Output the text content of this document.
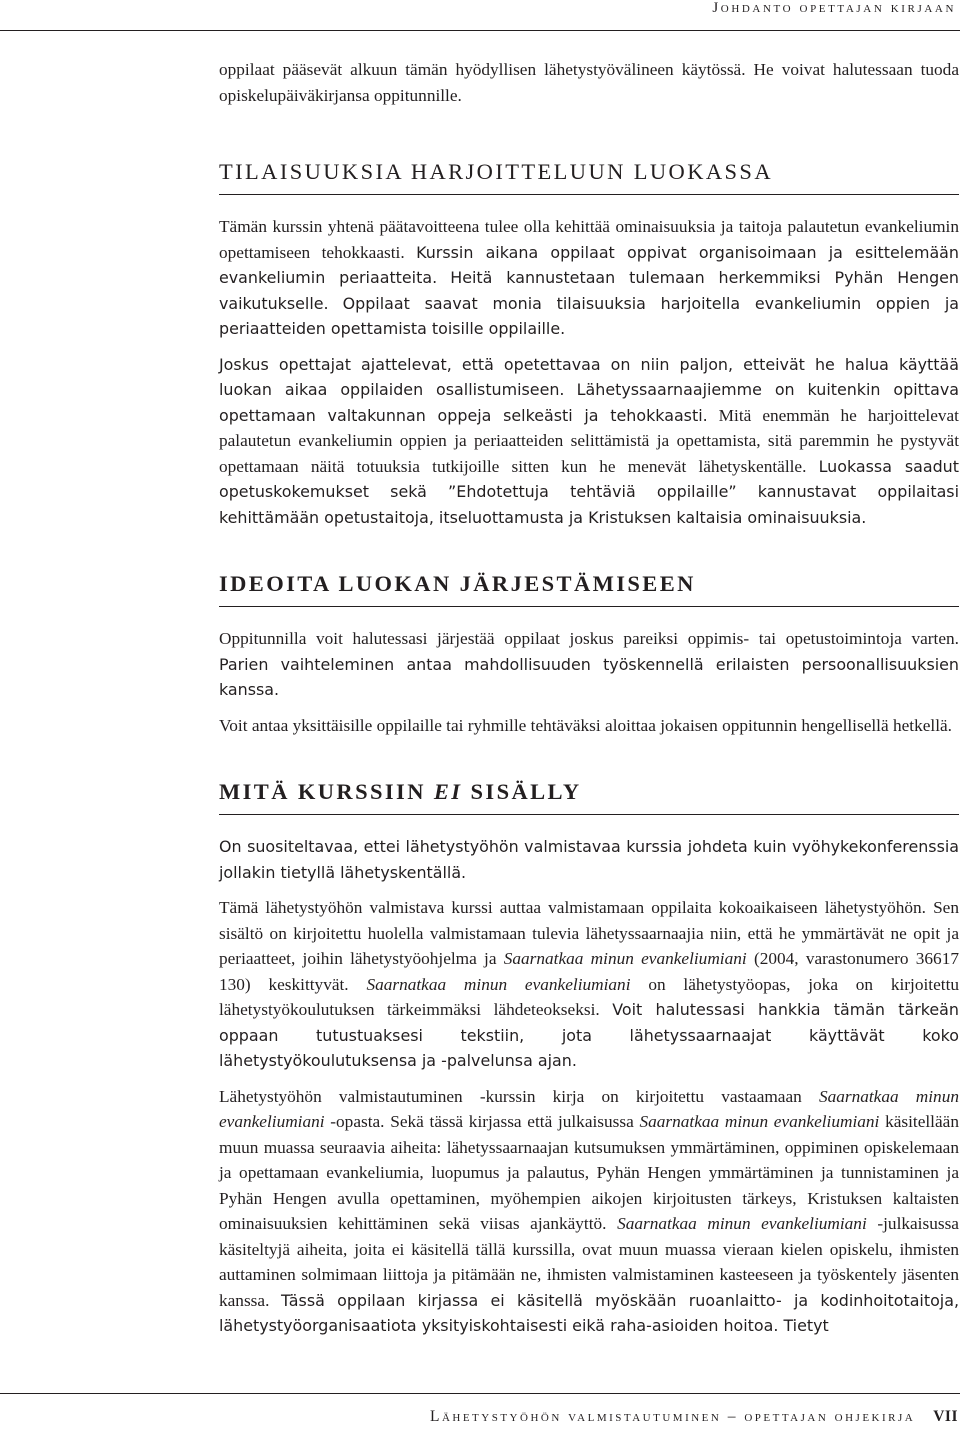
Johdanto opettajan kirjaan

oppilaat pääsevät alkuun tämän hyödyllisen lähetystyövälineen käytössä. He voivat halutessaan tuoda opiskelupäiväkirjansa oppitunnille.

TILAISUUKSIA HARJOITTELUUN LUOKASSA

Tämän kurssin yhtenä päätavoitteena tulee olla kehittää ominaisuuksia ja taitoja palautetun evankeliumin opettamiseen tehokkaasti. Kurssin aikana oppilaat oppivat organisoimaan ja esittelemään evankeliumin periaatteita. Heitä kannustetaan tulemaan herkemmiksi Pyhän Hengen vaikutukselle. Oppilaat saavat monia tilaisuuksia harjoitella evankeliumin oppien ja periaatteiden opettamista toisille oppilaille.

Joskus opettajat ajattelevat, että opetettavaa on niin paljon, etteivät he halua käyttää luokan aikaa oppilaiden osallistumiseen. Lähetyssaarnaajiemme on kuitenkin opittava opettamaan valtakunnan oppeja selkeästi ja tehokkaasti. Mitä enemmän he harjoittelevat palautetun evankeliumin oppien ja periaatteiden selittämistä ja opettamista, sitä paremmin he pystyvät opettamaan näitä totuuksia tutkijoille sitten kun he menevät lähetyskentälle. Luokassa saadut opetuskokemukset sekä ”Ehdotettuja tehtäviä oppilaille” kannustavat oppilaitasi kehittämään opetustaitoja, itseluottamusta ja Kristuksen kaltaisia ominaisuuksia.

IDEOITA LUOKAN JÄRJESTÄMISEEN

Oppitunnilla voit halutessasi järjestää oppilaat joskus pareiksi oppimis- tai opetustoimintoja varten. Parien vaihteleminen antaa mahdollisuuden työskennellä erilaisten persoonallisuuksien kanssa.

Voit antaa yksittäisille oppilaille tai ryhmille tehtäväksi aloittaa jokaisen oppitunnin hengellisellä hetkellä.

MITÄ KURSSIIN EI SISÄLLY

On suositeltavaa, ettei lähetystyöhön valmistavaa kurssia johdeta kuin vyöhykekonferenssia jollakin tietyllä lähetyskentällä.

Tämä lähetystyöhön valmistava kurssi auttaa valmistamaan oppilaita kokoaikaiseen lähetystyöhön. Sen sisältö on kirjoitettu huolella valmistamaan tulevia lähetyssaarnaajia niin, että he ymmärtävät ne opit ja periaatteet, joihin lähetystyöohjelma ja Saarnatkaa minun evankeliumiani (2004, varastonumero 36617 130) keskittyvät. Saarnatkaa minun evankeliumiani on lähetystyöopas, joka on kirjoitettu lähetystyökoulutuksen tärkeimmäksi lähdeteokseksi. Voit halutessasi hankkia tämän tärkeän oppaan tutustuaksesi tekstiin, jota lähetyssaarnaajat käyttävät koko lähetystyökoulutuksensa ja -palvelunsa ajan.

Lähetystyöhön valmistautuminen -kurssin kirja on kirjoitettu vastaamaan Saarnatkaa minun evankeliumiani -opasta. Sekä tässä kirjassa että julkaisussa Saarnatkaa minun evankeliumiani käsitellään muun muassa seuraavia aiheita: lähetyssaarnaajan kutsumuksen ymmärtäminen, oppiminen opiskelemaan ja opettamaan evankeliumia, luopumus ja palautus, Pyhän Hengen ymmärtäminen ja tunnistaminen ja Pyhän Hengen avulla opettaminen, myöhempien aikojen kirjoitusten tärkeys, Kristuksen kaltaisten ominaisuuksien kehittäminen sekä viisas ajankäyttö. Saarnatkaa minun evankeliumiani -julkaisussa käsiteltyjä aiheita, joita ei käsitellä tällä kurssilla, ovat muun muassa vieraan kielen opiskelu, ihmisten auttaminen solmimaan liittoja ja pitämään ne, ihmisten valmistaminen kasteeseen ja työskentely jäsenten kanssa. Tässä oppilaan kirjassa ei käsitellä myöskään ruoanlaitto- ja kodinhoitotaitoja, lähetystyöorganisaatiota yksityiskohtaisesti eikä raha-asioiden hoitoa. Tietyt

Lähetystyöhön valmistautuminen – opettajan ohjekirja VII
